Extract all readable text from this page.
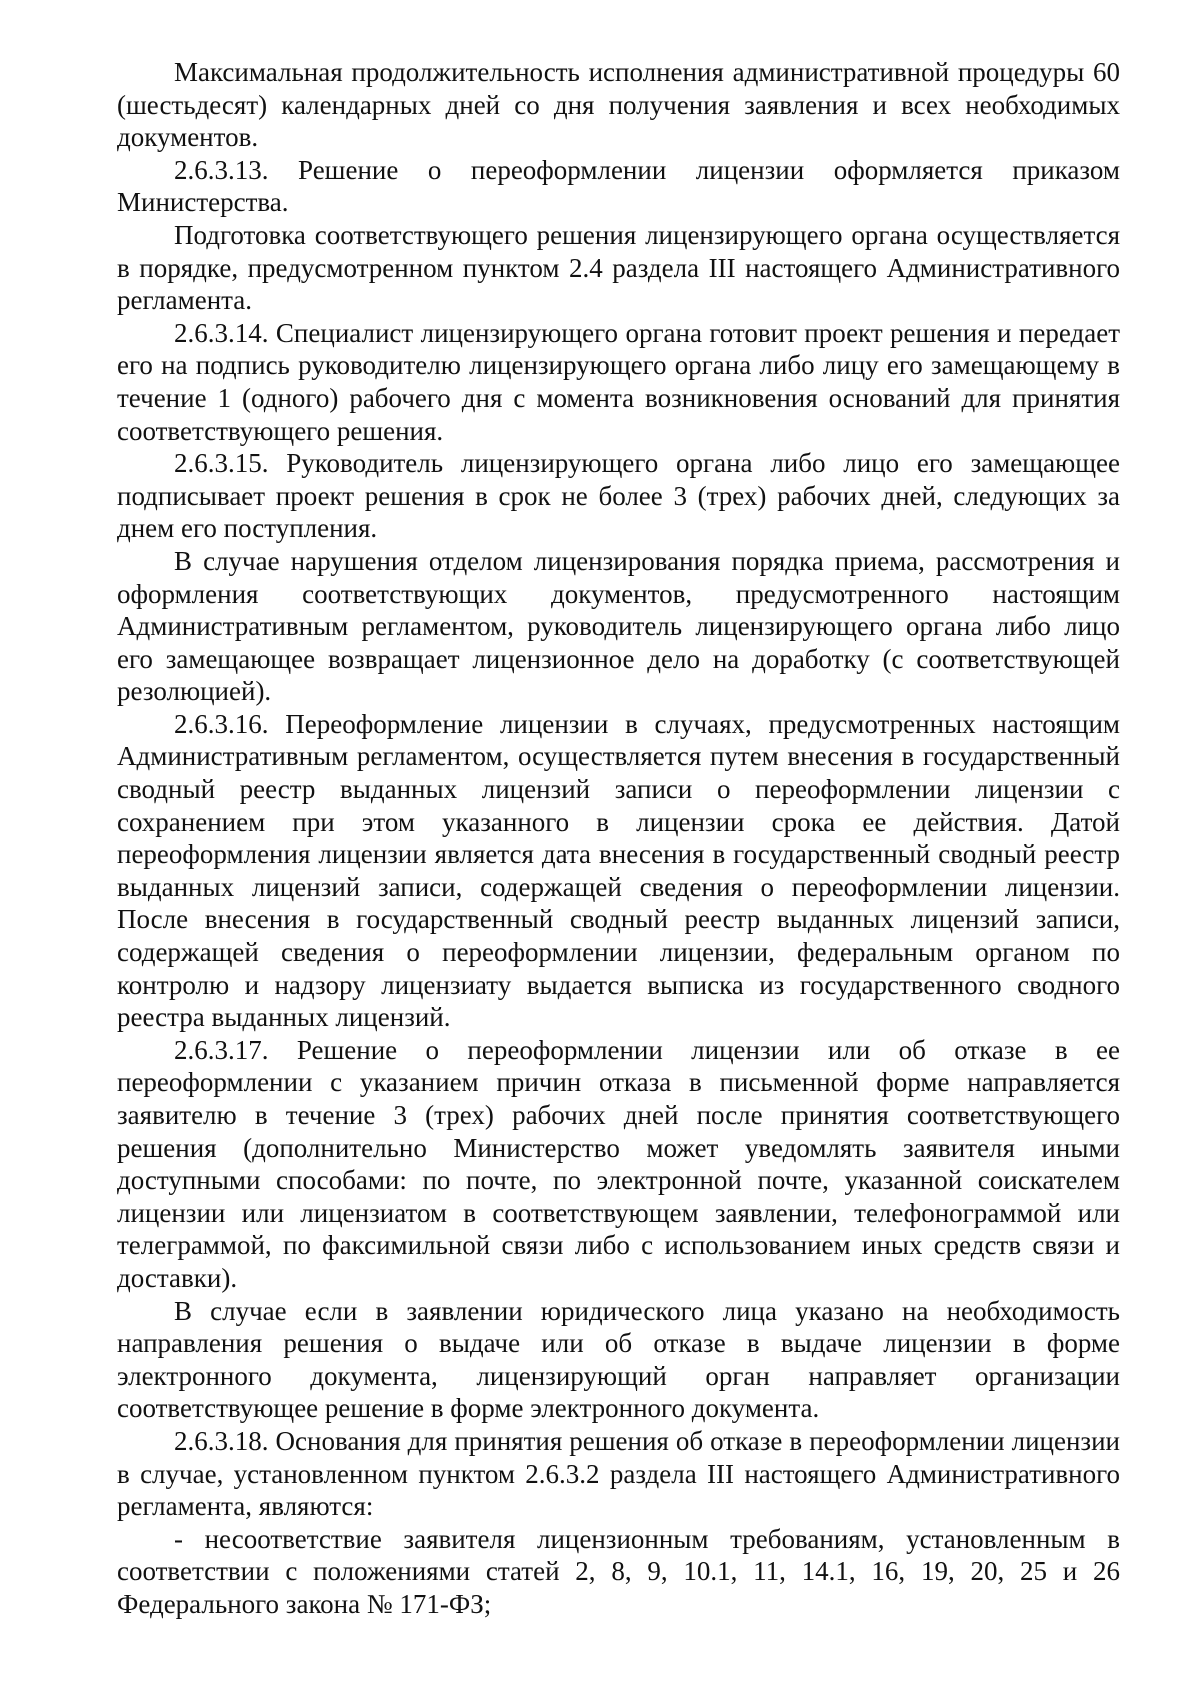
Максимальная продолжительность исполнения административной процедуры 60 (шестьдесят) календарных дней со дня получения заявления и всех необходимых документов.

2.6.3.13. Решение о переоформлении лицензии оформляется приказом Министерства.

Подготовка соответствующего решения лицензирующего органа осуществляется в порядке, предусмотренном пунктом 2.4 раздела III настоящего Административного регламента.

2.6.3.14. Специалист лицензирующего органа готовит проект решения и передает его на подпись руководителю лицензирующего органа либо лицу его замещающему в течение 1 (одного) рабочего дня с момента возникновения оснований для принятия соответствующего решения.

2.6.3.15. Руководитель лицензирующего органа либо лицо его замещающее подписывает проект решения в срок не более 3 (трех) рабочих дней, следующих за днем его поступления.

В случае нарушения отделом лицензирования порядка приема, рассмотрения и оформления соответствующих документов, предусмотренного настоящим Административным регламентом, руководитель лицензирующего органа либо лицо его замещающее возвращает лицензионное дело на доработку (с соответствующей резолюцией).

2.6.3.16. Переоформление лицензии в случаях, предусмотренных настоящим Административным регламентом, осуществляется путем внесения в государственный сводный реестр выданных лицензий записи о переоформлении лицензии с сохранением при этом указанного в лицензии срока ее действия. Датой переоформления лицензии является дата внесения в государственный сводный реестр выданных лицензий записи, содержащей сведения о переоформлении лицензии. После внесения в государственный сводный реестр выданных лицензий записи, содержащей сведения о переоформлении лицензии, федеральным органом по контролю и надзору лицензиату выдается выписка из государственного сводного реестра выданных лицензий.

2.6.3.17. Решение о переоформлении лицензии или об отказе в ее переоформлении с указанием причин отказа в письменной форме направляется заявителю в течение 3 (трех) рабочих дней после принятия соответствующего решения (дополнительно Министерство может уведомлять заявителя иными доступными способами: по почте, по электронной почте, указанной соискателем лицензии или лицензиатом в соответствующем заявлении, телефонограммой или телеграммой, по факсимильной связи либо с использованием иных средств связи и доставки).

В случае если в заявлении юридического лица указано на необходимость направления решения о выдаче или об отказе в выдаче лицензии в форме электронного документа, лицензирующий орган направляет организации соответствующее решение в форме электронного документа.

2.6.3.18. Основания для принятия решения об отказе в переоформлении лицензии в случае, установленном пунктом 2.6.3.2 раздела III настоящего Административного регламента, являются:

- несоответствие заявителя лицензионным требованиям, установленным в соответствии с положениями статей 2, 8, 9, 10.1, 11, 14.1, 16, 19, 20, 25 и 26 Федерального закона № 171-ФЗ;
